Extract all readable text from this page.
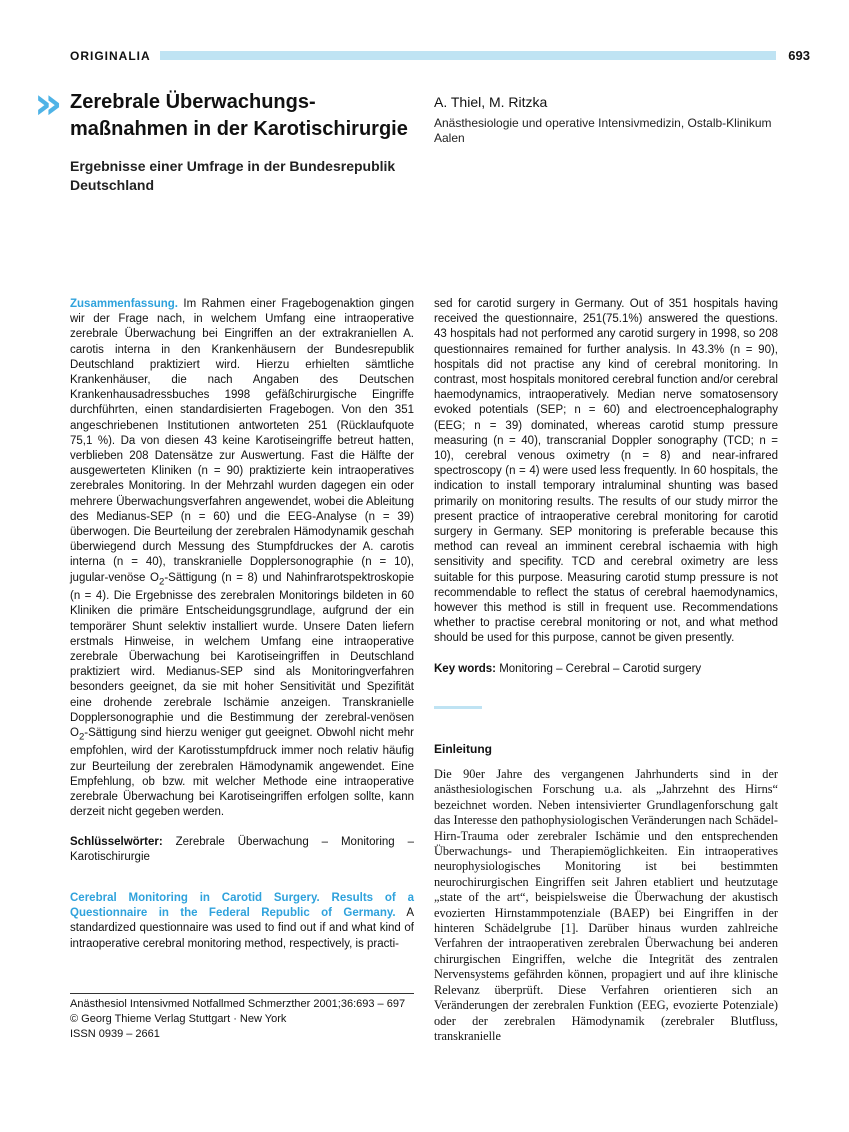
ORIGINALIA	693
» Zerebrale Überwachungs-
maßnahmen in der Karotischirurgie
Ergebnisse einer Umfrage in der Bundesrepublik Deutschland
A. Thiel, M. Ritzka
Anästhesiologie und operative Intensivmedizin, Ostalb-Klinikum Aalen
Zusammenfassung. Im Rahmen einer Fragebogenaktion gingen wir der Frage nach, in welchem Umfang eine intraoperative zerebrale Überwachung bei Eingriffen an der extrakraniellen A. carotis interna in den Krankenhäusern der Bundesrepublik Deutschland praktiziert wird. Hierzu erhielten sämtliche Krankenhäuser, die nach Angaben des Deutschen Krankenhausadressbuches 1998 gefäßchirurgische Eingriffe durchführten, einen standardisierten Fragebogen. Von den 351 angeschriebenen Institutionen antworteten 251 (Rücklaufquote 75,1 %). Da von diesen 43 keine Karotiseingriffe betreut hatten, verblieben 208 Datensätze zur Auswertung. Fast die Hälfte der ausgewerteten Kliniken (n = 90) praktizierte kein intraoperatives zerebrales Monitoring. In der Mehrzahl wurden dagegen ein oder mehrere Überwachungsverfahren angewendet, wobei die Ableitung des Medianus-SEP (n = 60) und die EEG-Analyse (n = 39) überwogen. Die Beurteilung der zerebralen Hämodynamik geschah überwiegend durch Messung des Stumpfdruckes der A. carotis interna (n = 40), transkranielle Dopplersonographie (n = 10), jugular-venöse $O_2$-Sättigung (n = 8) und Nahinfrarotspektroskopie (n = 4). Die Ergebnisse des zerebralen Monitorings bildeten in 60 Kliniken die primäre Entscheidungsgrundlage, aufgrund der ein temporärer Shunt selektiv installiert wurde. Unsere Daten liefern erstmals Hinweise, in welchem Umfang eine intraoperative zerebrale Überwachung bei Karotiseingriffen in Deutschland praktiziert wird. Medianus-SEP sind als Monitoringverfahren besonders geeignet, da sie mit hoher Sensitivität und Spezifität eine drohende zerebrale Ischämie anzeigen. Transkranielle Dopplersonographie und die Bestimmung der zerebral-venösen $O_2$-Sättigung sind hierzu weniger gut geeignet. Obwohl nicht mehr empfohlen, wird der Karotisstumpfdruck immer noch relativ häufig zur Beurteilung der zerebralen Hämodynamik angewendet. Eine Empfehlung, ob bzw. mit welcher Methode eine intraoperative zerebrale Überwachung bei Karotiseingriffen erfolgen sollte, kann derzeit nicht gegeben werden.
Schlüsselwörter: Zerebrale Überwachung – Monitoring – Karotischirurgie
Cerebral Monitoring in Carotid Surgery. Results of a Questionnaire in the Federal Republic of Germany. A standardized questionnaire was used to find out if and what kind of intraoperative cerebral monitoring method, respectively, is practi-
Anästhesiol Intensivmed Notfallmed Schmerzther 2001;36:693 – 697
© Georg Thieme Verlag Stuttgart · New York
ISSN 0939 – 2661
sed for carotid surgery in Germany. Out of 351 hospitals having received the questionnaire, 251(75.1%) answered the questions. 43 hospitals had not performed any carotid surgery in 1998, so 208 questionnaires remained for further analysis. In 43.3% (n = 90), hospitals did not practise any kind of cerebral monitoring. In contrast, most hospitals monitored cerebral function and/or cerebral haemodynamics, intraoperatively. Median nerve somatosensory evoked potentials (SEP; n = 60) and electroencephalography (EEG; n = 39) dominated, whereas carotid stump pressure measuring (n = 40), transcranial Doppler sonography (TCD; n = 10), cerebral venous oximetry (n = 8) and near-infrared spectroscopy (n = 4) were used less frequently. In 60 hospitals, the indication to install temporary intraluminal shunting was based primarily on monitoring results. The results of our study mirror the present practice of intraoperative cerebral monitoring for carotid surgery in Germany. SEP monitoring is preferable because this method can reveal an imminent cerebral ischaemia with high sensitivity and specifity. TCD and cerebral oximetry are less suitable for this purpose. Measuring carotid stump pressure is not recommendable to reflect the status of cerebral haemodynamics, however this method is still in frequent use. Recommendations whether to practise cerebral monitoring or not, and what method should be used for this purpose, cannot be given presently.
Key words: Monitoring – Cerebral – Carotid surgery
Einleitung
Die 90er Jahre des vergangenen Jahrhunderts sind in der anästhesiologischen Forschung u.a. als „Jahrzehnt des Hirns“ bezeichnet worden. Neben intensivierter Grundlagenforschung galt das Interesse den pathophysiologischen Veränderungen nach Schädel-Hirn-Trauma oder zerebraler Ischämie und den entsprechenden Überwachungs- und Therapiemöglichkeiten. Ein intraoperatives neurophysiologisches Monitoring ist bei bestimmten neurochirurgischen Eingriffen seit Jahren etabliert und heutzutage „state of the art“, beispielsweise die Überwachung der akustisch evozierten Hirnstammpotenziale (BAEP) bei Eingriffen in der hinteren Schädelgrube [1]. Darüber hinaus wurden zahlreiche Verfahren der intraoperativen zerebralen Überwachung bei anderen chirurgischen Eingriffen, welche die Integrität des zentralen Nervensystems gefährden können, propagiert und auf ihre klinische Relevanz überprüft. Diese Verfahren orientieren sich an Veränderungen der zerebralen Funktion (EEG, evozierte Potenziale) oder der zerebralen Hämodynamik (zerebraler Blutfluss, transkranielle
